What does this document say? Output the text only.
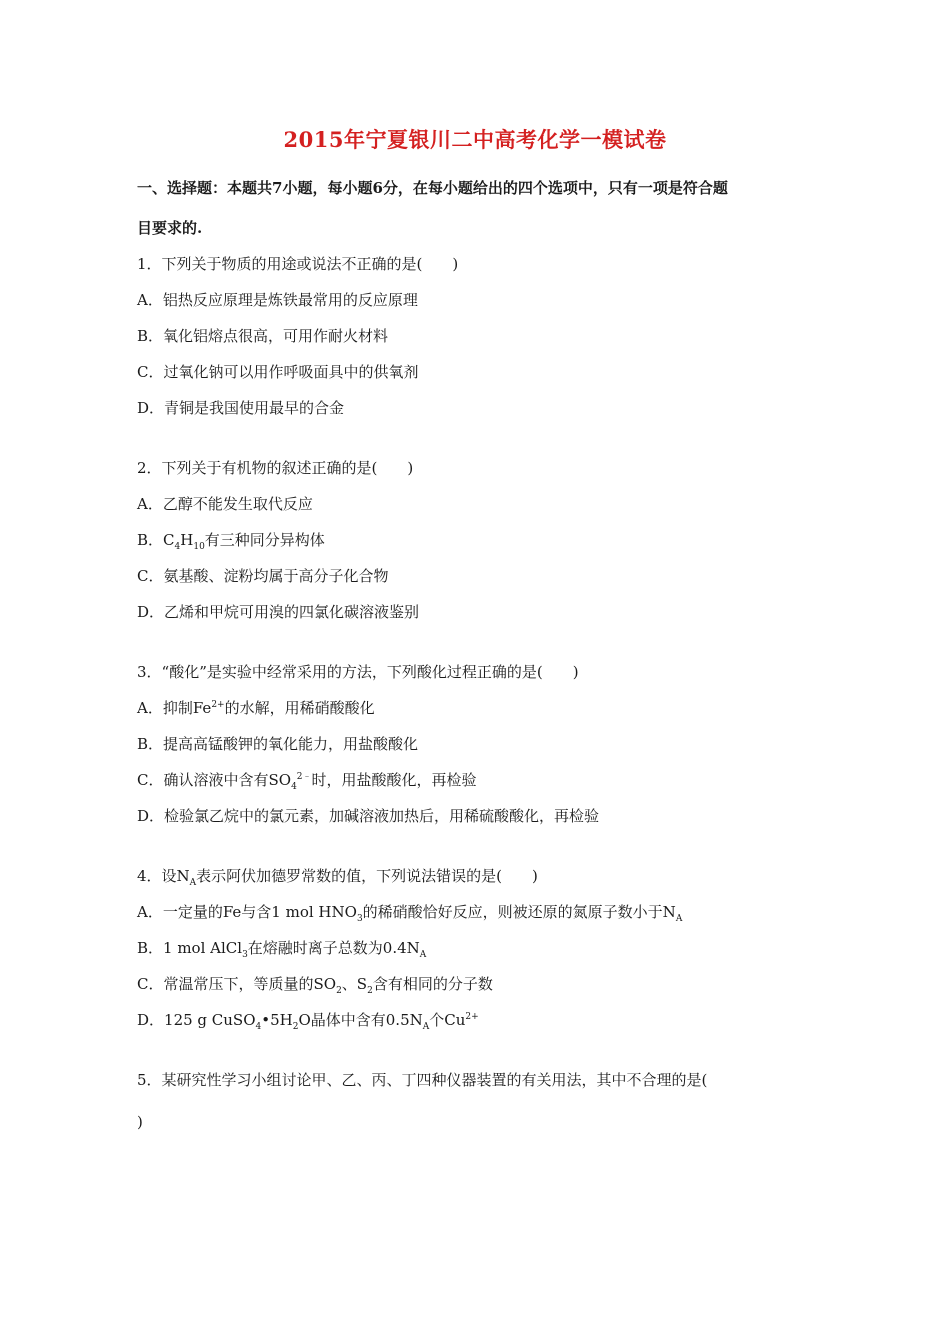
2015年宁夏银川二中高考化学一模试卷
一、选择题：本题共7小题，每小题6分，在每小题给出的四个选项中，只有一项是符合题
目要求的.
1．下列关于物质的用途或说法不正确的是(　　)
A．铝热反应原理是炼铁最常用的反应原理
B．氧化铝熔点很高，可用作耐火材料
C．过氧化钠可以用作呼吸面具中的供氧剂
D．青铜是我国使用最早的合金
2．下列关于有机物的叙述正确的是(　　)
A．乙醇不能发生取代反应
B．$C_4H_{10}$有三种同分异构体
C．氨基酸、淀粉均属于高分子化合物
D．乙烯和甲烷可用溴的四氯化碳溶液鉴别
3．“酸化”是实验中经常采用的方法，下列酸化过程正确的是(　　)
A．抑制$Fe^{2+}$的水解，用稀硝酸酸化
B．提高高锰酸钾的氧化能力，用盐酸酸化
C．确认溶液中含有$SO_4^{2﹣}$时，用盐酸酸化，再检验
D．检验氯乙烷中的氯元素，加碱溶液加热后，用稀硫酸酸化，再检验
4．设$N_A$表示阿伏加德罗常数的值，下列说法错误的是(　　)
A．一定量的Fe与含1 mol $HNO_3$的稀硝酸恰好反应，则被还原的氮原子数小于$N_A$
B．1 mol AlCl$_3$在熔融时离子总数为$0.4N_A$
C．常温常压下，等质量的$SO_2$、$S_2$含有相同的分子数
D．125 g $CuSO_4•5H_2O$晶体中含有$0.5N_A$个$Cu^{2+}$
5．某研究性学习小组讨论甲、乙、丙、丁四种仪器装置的有关用法，其中不合理的是(
)
